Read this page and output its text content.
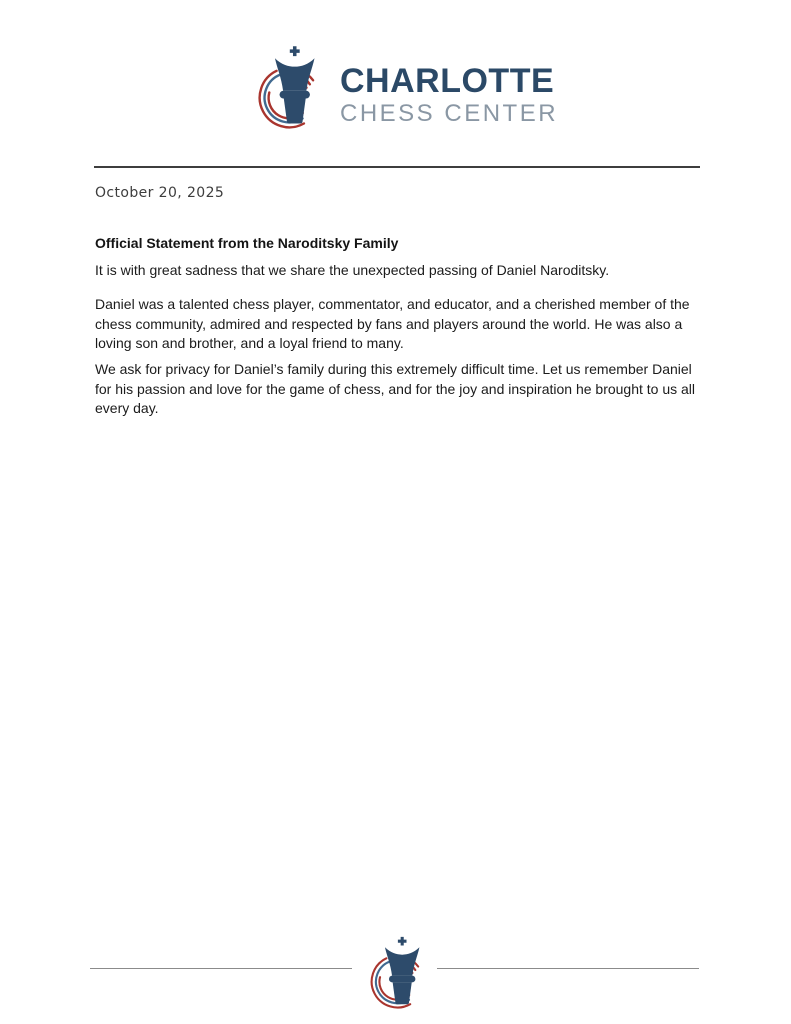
CHARLOTTE
CHESS CENTER

October 20, 2025

Official Statement from the Naroditsky Family

It is with great sadness that we share the unexpected passing of Daniel Naroditsky.

Daniel was a talented chess player, commentator, and educator, and a cherished member of the chess community, admired and respected by fans and players around the world. He was also a loving son and brother, and a loyal friend to many.

We ask for privacy for Daniel’s family during this extremely difficult time. Let us remember Daniel for his passion and love for the game of chess, and for the joy and inspiration he brought to us all every day.
